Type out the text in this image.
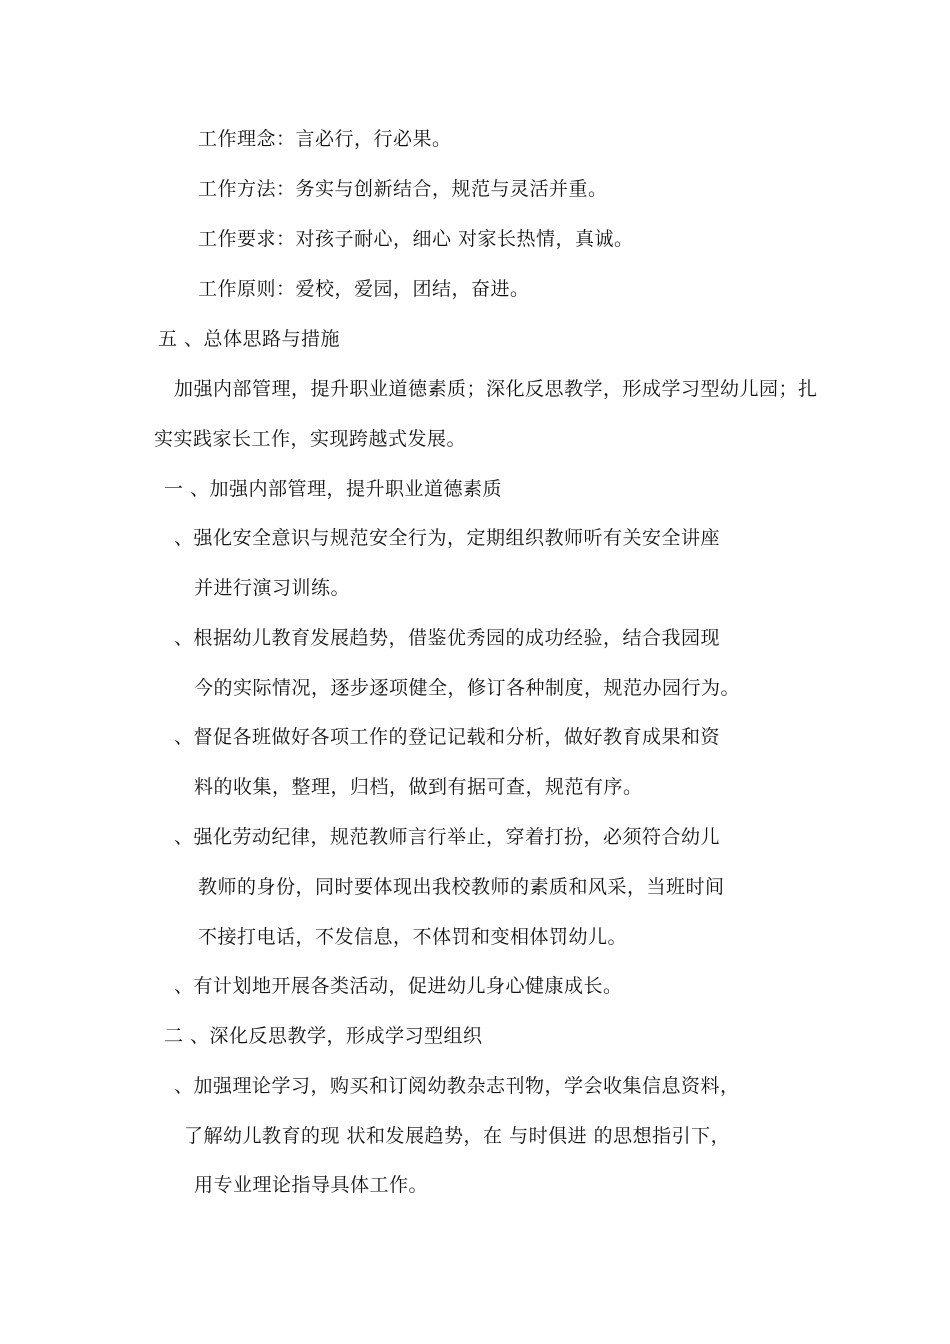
工作理念：言必行，行必果。
工作方法：务实与创新结合，规范与灵活并重。
工作要求：对孩子耐心，细心 对家长热情，真诚。
工作原则：爱校，爱园，团结，奋进。
五 、总体思路与措施
加强内部管理，提升职业道德素质；深化反思教学，形成学习型幼儿园；扎
实实践家长工作，实现跨越式发展。
一 、加强内部管理，提升职业道德素质
、强化安全意识与规范安全行为，定期组织教师听有关安全讲座
并进行演习训练。
、根据幼儿教育发展趋势，借鉴优秀园的成功经验，结合我园现
今的实际情况，逐步逐项健全，修订各种制度，规范办园行为。
、督促各班做好各项工作的登记记载和分析，做好教育成果和资
料的收集，整理，归档，做到有据可查，规范有序。
、强化劳动纪律，规范教师言行举止，穿着打扮，必须符合幼儿
教师的身份，同时要体现出我校教师的素质和风采，当班时间
不接打电话，不发信息，不体罚和变相体罚幼儿。
、有计划地开展各类活动，促进幼儿身心健康成长。
二 、深化反思教学，形成学习型组织
、加强理论学习，购买和订阅幼教杂志刊物，学会收集信息资料，
了解幼儿教育的现 状和发展趋势，在 与时俱进 的思想指引下，
用专业理论指导具体工作。
